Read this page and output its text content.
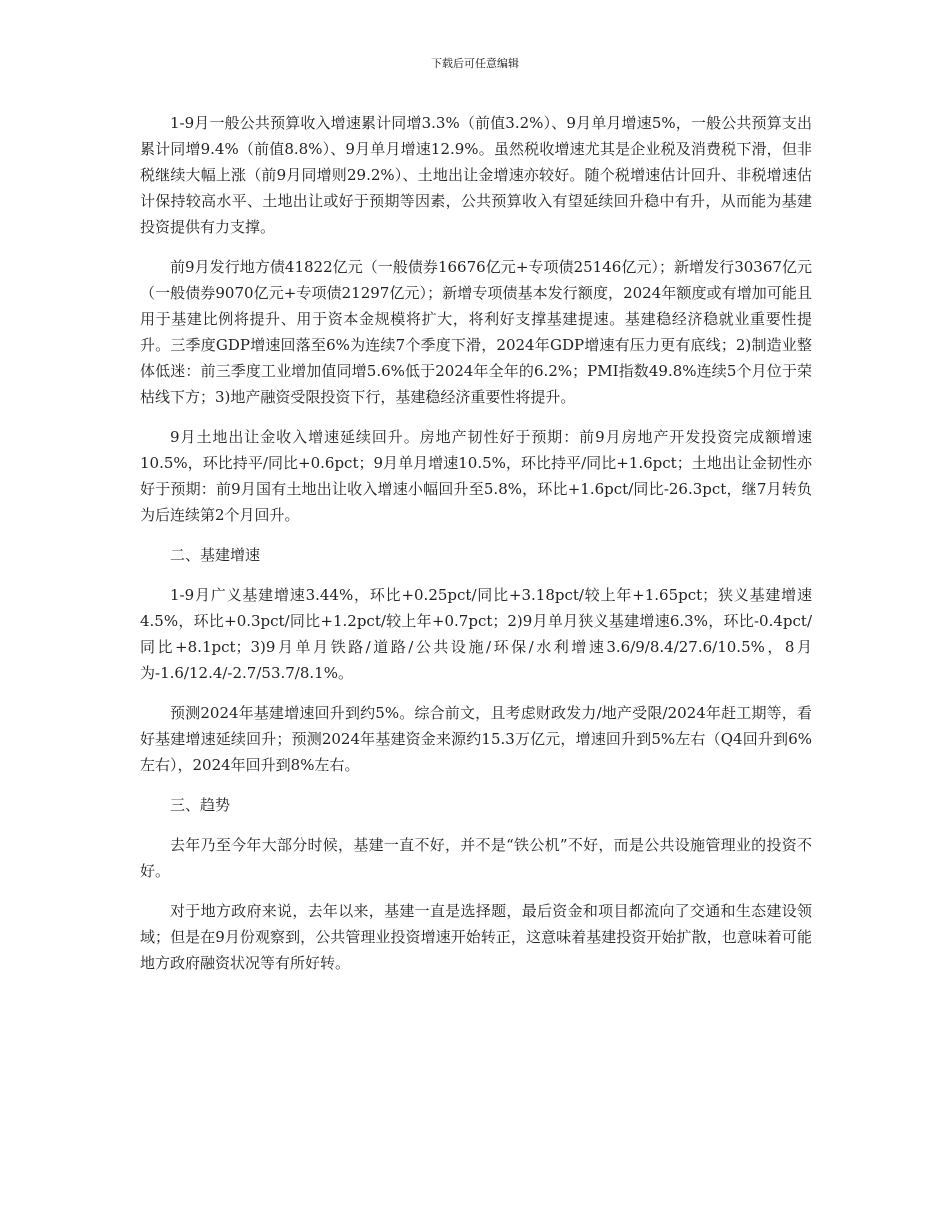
下载后可任意编辑

1-9月一般公共预算收入增速累计同增3.3%（前值3.2%）、9月单月增速5%，一般公共预算支出累计同增9.4%（前值8.8%）、9月单月增速12.9%。虽然税收增速尤其是企业税及消费税下滑，但非税继续大幅上涨（前9月同增则29.2%）、土地出让金增速亦较好。随个税增速估计回升、非税增速估计保持较高水平、土地出让或好于预期等因素，公共预算收入有望延续回升稳中有升，从而能为基建投资提供有力支撑。

前9月发行地方债41822亿元（一般债券16676亿元+专项债25146亿元）；新增发行30367亿元（一般债券9070亿元+专项债21297亿元）；新增专项债基本发行额度，2024年额度或有增加可能且用于基建比例将提升、用于资本金规模将扩大，将利好支撑基建提速。基建稳经济稳就业重要性提升。三季度GDP增速回落至6%为连续7个季度下滑，2024年GDP增速有压力更有底线；2)制造业整体低迷：前三季度工业增加值同增5.6%低于2024年全年的6.2%；PMI指数49.8%连续5个月位于荣枯线下方；3)地产融资受限投资下行，基建稳经济重要性将提升。

9月土地出让金收入增速延续回升。房地产韧性好于预期：前9月房地产开发投资完成额增速10.5%，环比持平/同比+0.6pct；9月单月增速10.5%，环比持平/同比+1.6pct；土地出让金韧性亦好于预期：前9月国有土地出让收入增速小幅回升至5.8%，环比+1.6pct/同比-26.3pct，继7月转负为后连续第2个月回升。

二、基建增速

1-9月广义基建增速3.44%，环比+0.25pct/同比+3.18pct/较上年+1.65pct；狭义基建增速4.5%，环比+0.3pct/同比+1.2pct/较上年+0.7pct；2)9月单月狭义基建增速6.3%，环比-0.4pct/同比+8.1pct；3)9月单月铁路/道路/公共设施/环保/水利增速3.6/9/8.4/27.6/10.5%，8月为-1.6/12.4/-2.7/53.7/8.1%。

预测2024年基建增速回升到约5%。综合前文，且考虑财政发力/地产受限/2024年赶工期等，看好基建增速延续回升；预测2024年基建资金来源约15.3万亿元，增速回升到5%左右（Q4回升到6%左右），2024年回升到8%左右。

三、趋势

去年乃至今年大部分时候，基建一直不好，并不是“铁公机”不好，而是公共设施管理业的投资不好。

对于地方政府来说，去年以来，基建一直是选择题，最后资金和项目都流向了交通和生态建设领域；但是在9月份观察到，公共管理业投资增速开始转正，这意味着基建投资开始扩散，也意味着可能地方政府融资状况等有所好转。
